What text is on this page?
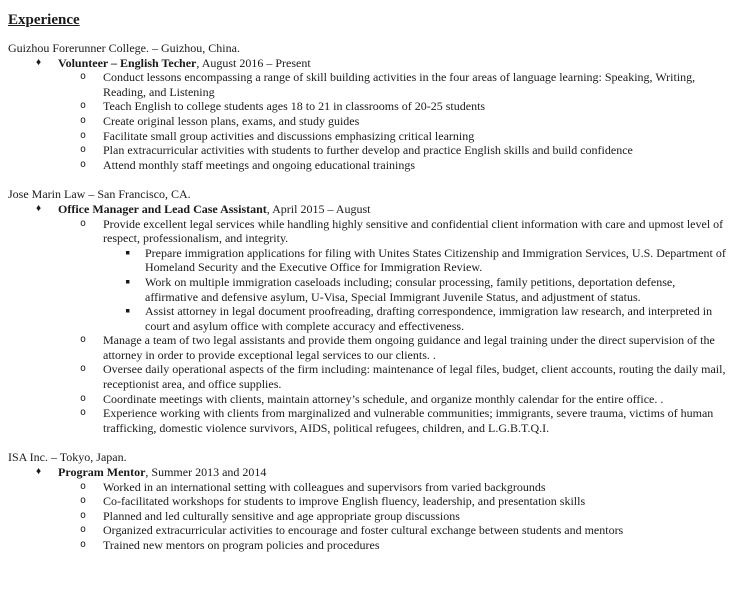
Experience
Guizhou Forerunner College. – Guizhou, China.
♦	Volunteer – English Techer, August 2016 – Present
o	Conduct lessons encompassing a range of skill building activities in the four areas of language learning: Speaking, Writing, Reading, and Listening
o	Teach English to college students ages 18 to 21 in classrooms of 20-25 students
o	Create original lesson plans, exams, and study guides
o	Facilitate small group activities and discussions emphasizing critical learning
o	Plan extracurricular activities with students to further develop and practice English skills and build confidence
o	Attend monthly staff meetings and ongoing educational trainings
Jose Marin Law – San Francisco, CA.
♦	Office Manager and Lead Case Assistant, April 2015 – August
o	Provide excellent legal services while handling highly sensitive and confidential client information with care and upmost level of respect, professionalism, and integrity.
▪	Prepare immigration applications for filing with Unites States Citizenship and Immigration Services, U.S. Department of Homeland Security and the Executive Office for Immigration Review.
▪	Work on multiple immigration caseloads including; consular processing, family petitions, deportation defense, affirmative and defensive asylum, U-Visa, Special Immigrant Juvenile Status, and adjustment of status.
▪	Assist attorney in legal document proofreading, drafting correspondence, immigration law research, and interpreted in court and asylum office with complete accuracy and effectiveness.
o	Manage a team of two legal assistants and provide them ongoing guidance and legal training under the direct supervision of the attorney in order to provide exceptional legal services to our clients. .
o	Oversee daily operational aspects of the firm including: maintenance of legal files, budget, client accounts, routing the daily mail, receptionist area, and office supplies.
o	Coordinate meetings with clients, maintain attorney’s schedule, and organize monthly calendar for the entire office. .
o	Experience working with clients from marginalized and vulnerable communities; immigrants, severe trauma, victims of human trafficking, domestic violence survivors, AIDS, political refugees, children, and L.G.B.T.Q.I.
ISA Inc. – Tokyo, Japan.
♦	Program Mentor, Summer 2013 and 2014
o	Worked in an international setting with colleagues and supervisors from varied backgrounds
o	Co-facilitated workshops for students to improve English fluency, leadership, and presentation skills
o	Planned and led culturally sensitive and age appropriate group discussions
o	Organized extracurricular activities to encourage and foster cultural exchange between students and mentors
o	Trained new mentors on program policies and procedures
